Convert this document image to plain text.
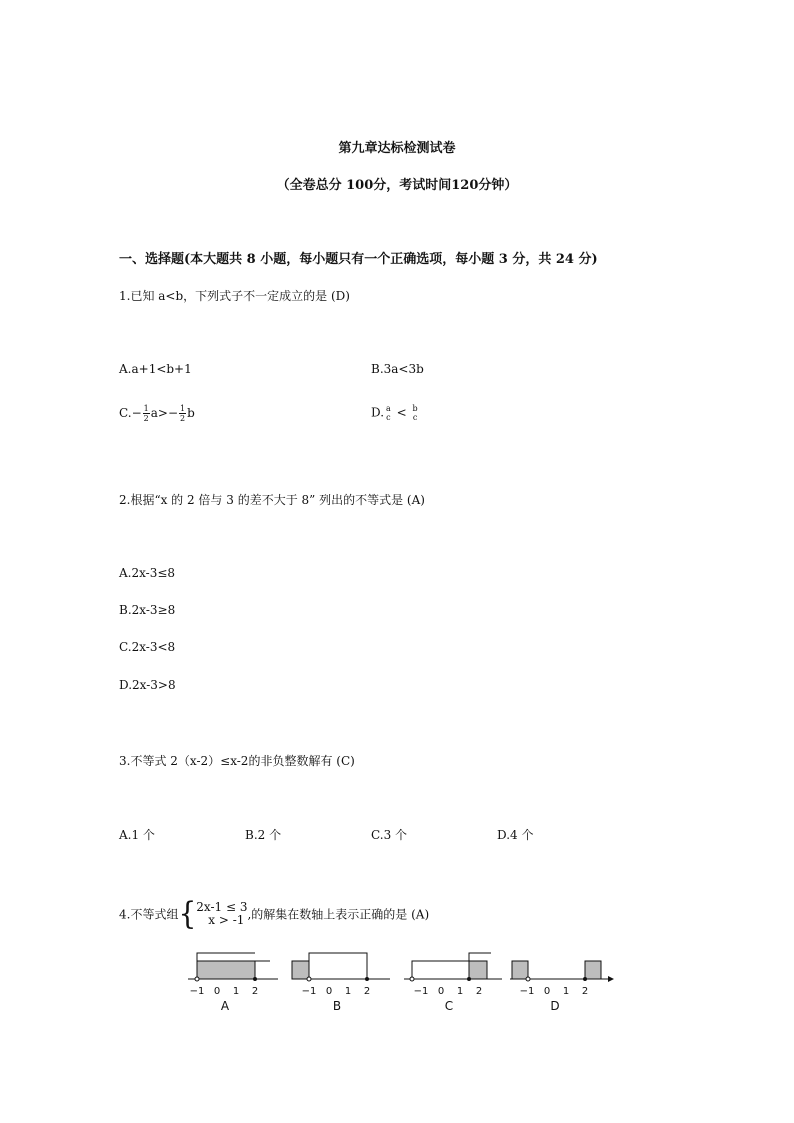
第九章达标检测试卷
（全卷总分 100分，考试时间120分钟）
一、选择题(本大题共 8 小题，每小题只有一个正确选项，每小题 3 分，共 24 分)
1.已知 a<b，下列式子不一定成立的是 (D)
A.a+1<b+1	B.3a<3b
$C.- \frac{1}{2} a>- \frac{1}{2}$ b	D. a
c < b
c
2.根据“x 的 2 倍与 3 的差不大于 8” 列出的不等式是 (A)
A.2x-3≤8
B.2x-3≥8
C.2x-3<8
D.2x-3>8
3.不等式 2（x-2）≤x-2的非负整数解有 (C)
A.1 个	B.2 个	C.3 个	D.4 个
4.不等式组{ 2x-1 ≤ 3
x > -1 ,的解集在数轴上表示正确的是 (A)
−1 0 1 2
A
−1 0 1 2
B
−1 0 1 2
C
−1 0 1 2
D
